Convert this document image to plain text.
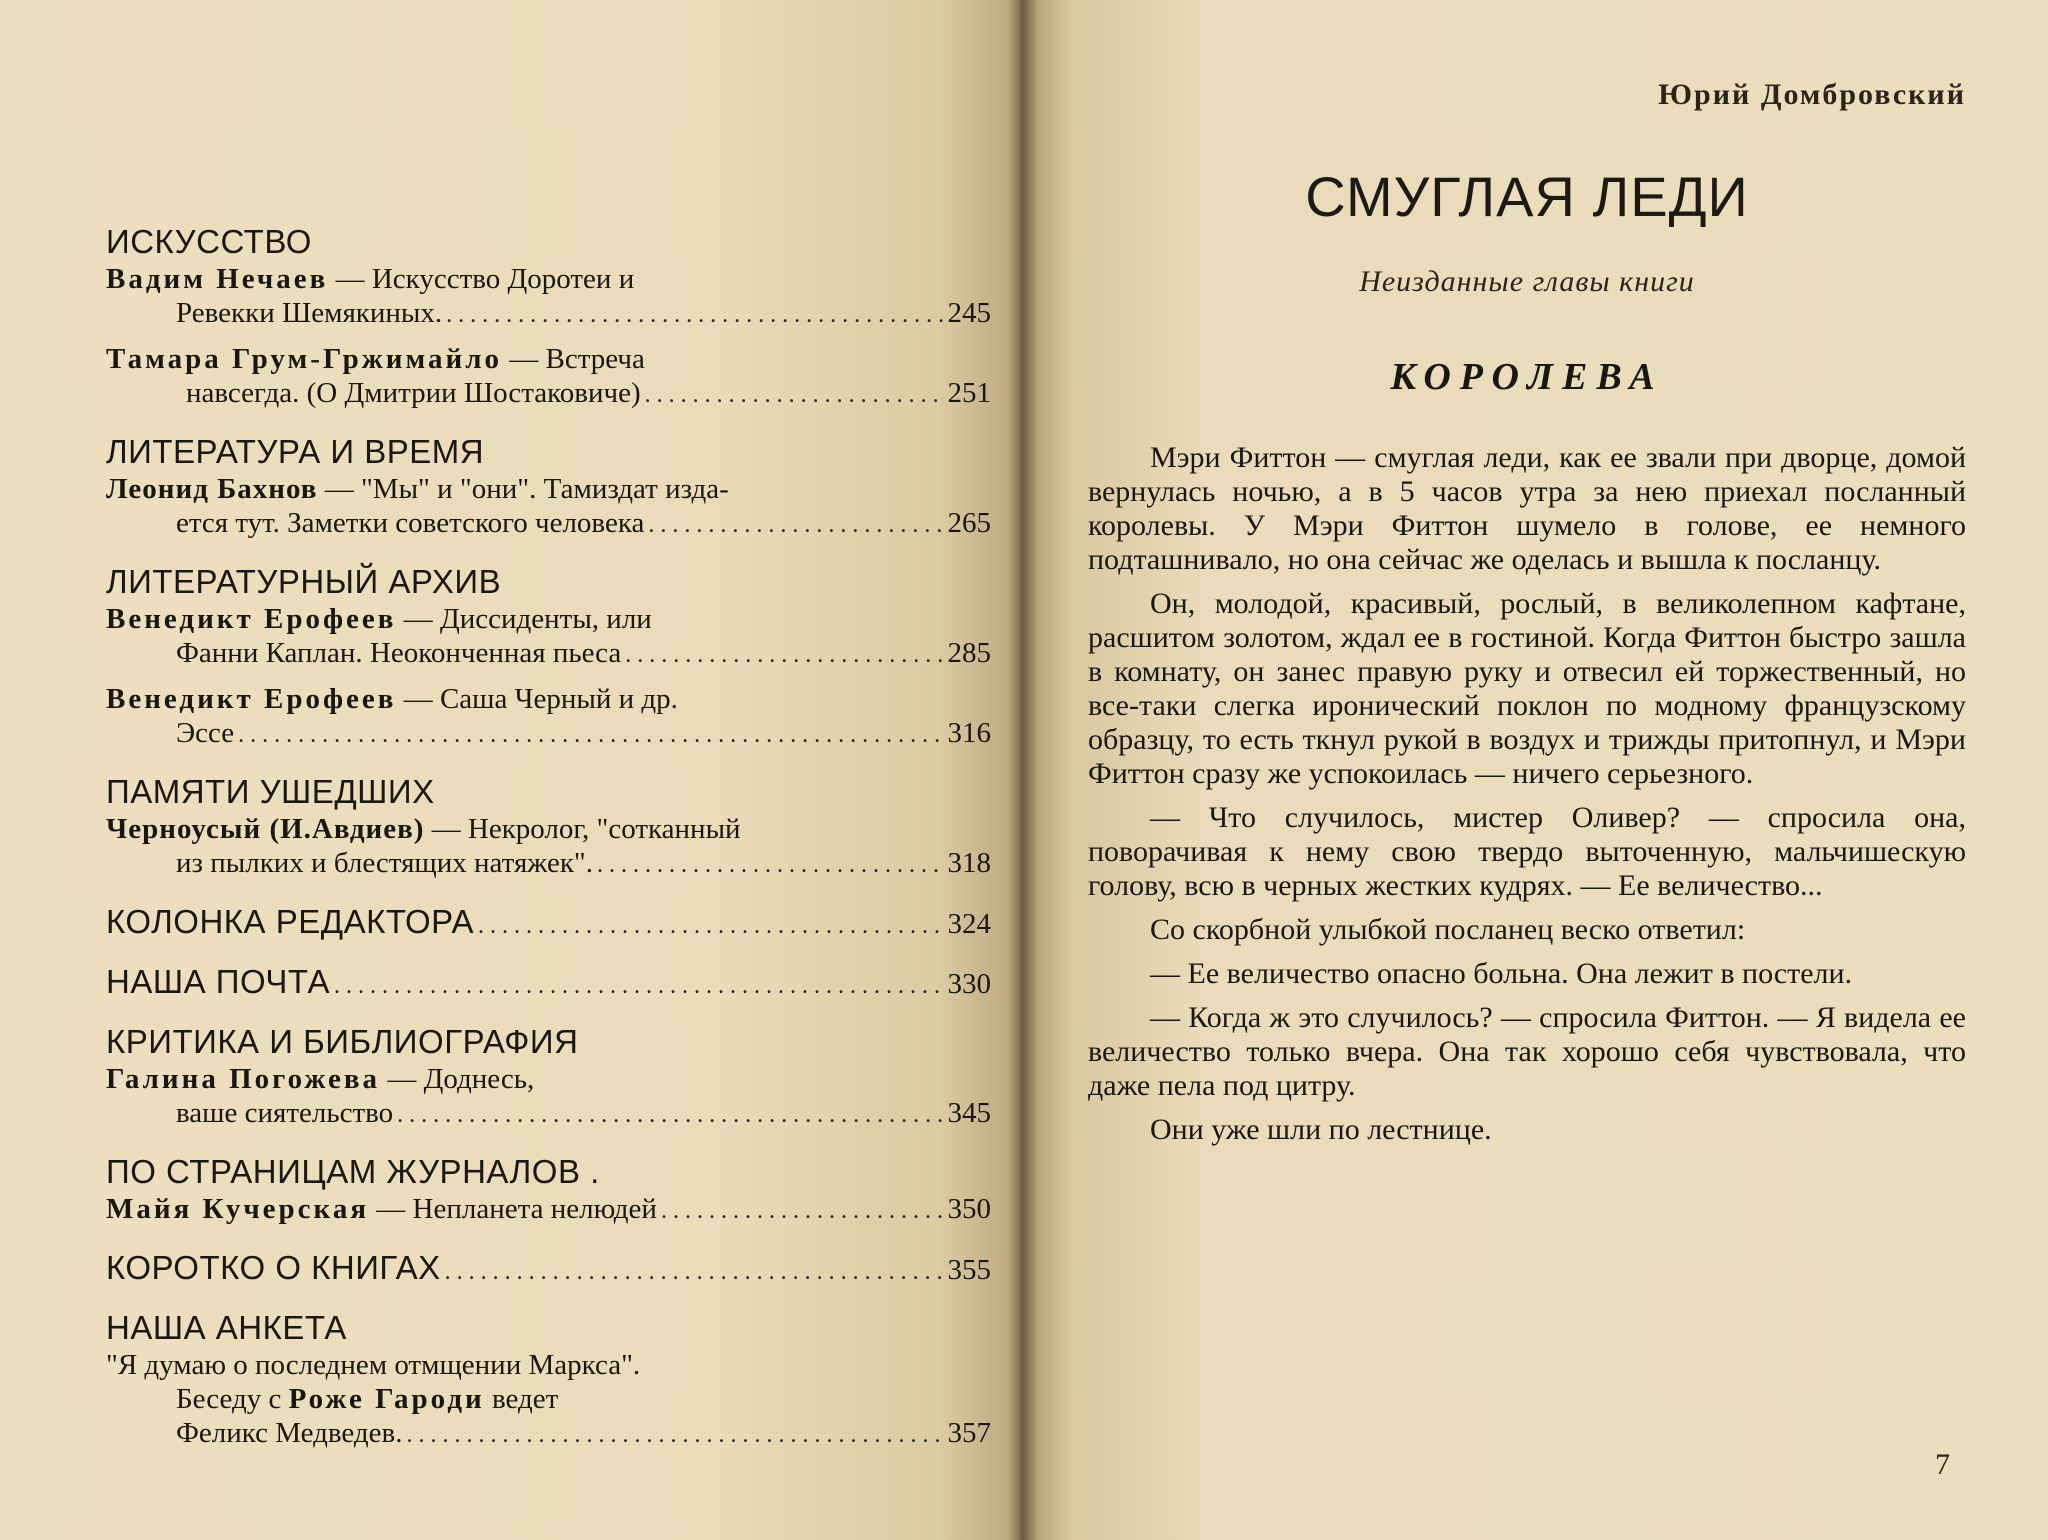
ИСКУССТВО
Вадим Нечаев
— Искусство Доротеи и
Ревекки Шемякиных. .....	245
Тамара Грум-Гржимайло
— Встреча
навсегда. (О Дмитрии Шостаковиче) .....	251
ЛИТЕРАТУРА И ВРЕМЯ
Леонид Бахнов
— "Мы" и "они". Тамиздат изда-
ется тут. Заметки советского человека .....	265
ЛИТЕРАТУРНЫЙ АРХИВ
Венедикт Ерофеев
— Диссиденты, или
Фанни Каплан. Неоконченная пьеса .....	285
Венедикт Ерофеев
— Саша Черный и др.
Эссе .....	316
ПАМЯТИ УШЕДШИХ
Черноусый (И.Авдиев)
— Некролог, "сотканный
из пылких и блестящих натяжек". .....	318
КОЛОНКА РЕДАКТОРА .....	324
НАША ПОЧТА .....	330
КРИТИКА И БИБЛИОГРАФИЯ
Галина Погожева
— Доднесь,
ваше сиятельство .....	345
ПО СТРАНИЦАМ ЖУРНАЛОВ .
Майя Кучерская
— Непланета нелюдей .....	350
КОРОТКО О КНИГАХ .....	355
НАША АНКЕТА
"Я думаю о последнем отмщении Маркса".
Беседу с
Роже Гароди
ведет
Феликс Медведев. .....	357
7
Юрий Домбровский
СМУГЛАЯ ЛЕДИ
Неизданные главы книги
КОРОЛЕВА

Мэри Фиттон — смуглая леди, как ее звали при дворце, домой вернулась ночью, а в 5 часов утра за нею приехал посланный королевы. У Мэри Фиттон шумело в голове, ее немного подташнивало, но она сейчас же оделась и вышла к посланцу.

Он, молодой, красивый, рослый, в великолепном кафтане, расшитом золотом, ждал ее в гостиной. Когда Фиттон быстро зашла в комнату, он занес правую руку и отвесил ей торжественный, но все-таки слегка иронический поклон по модному французскому образцу, то есть ткнул рукой в воздух и трижды притопнул, и Мэри Фиттон сразу же успокоилась — ничего серьезного.

— Что случилось, мистер Оливер? — спросила она, поворачивая к нему свою твердо выточенную, мальчишескую голову, всю в черных жестких кудрях. — Ее величество...

Со скорбной улыбкой посланец веско ответил:

— Ее величество опасно больна. Она лежит в постели.

— Когда ж это случилось? — спросила Фиттон. — Я видела ее величество только вчера. Она так хорошо себя чувствовала, что даже пела под цитру.

Они уже шли по лестнице.
